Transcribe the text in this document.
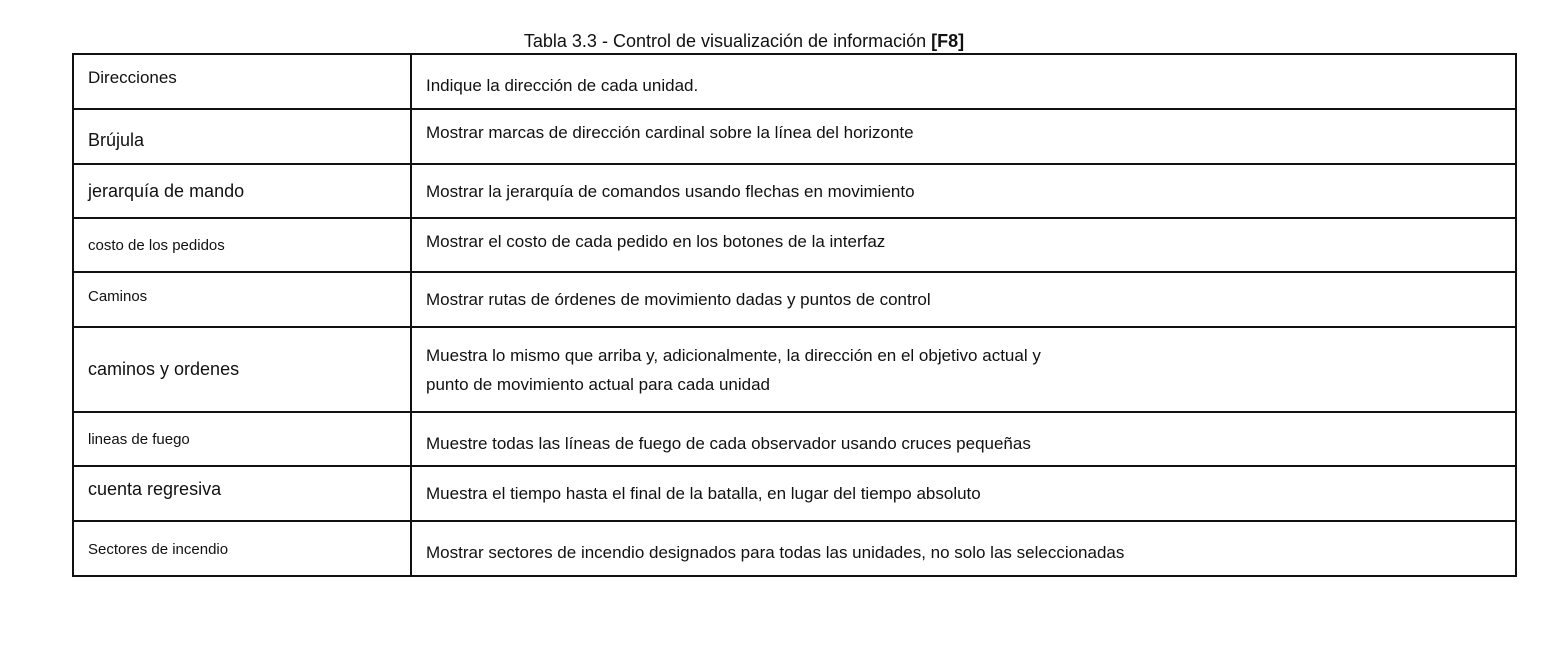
Tabla 3.3 - Control de visualización de información [F8]
Direcciones	Indique la dirección de cada unidad.
Brújula	Mostrar marcas de dirección cardinal sobre la línea del horizonte
jerarquía de mando	Mostrar la jerarquía de comandos usando flechas en movimiento
costo de los pedidos	Mostrar el costo de cada pedido en los botones de la interfaz
Caminos	Mostrar rutas de órdenes de movimiento dadas y puntos de control
caminos y ordenes	Muestra lo mismo que arriba y, adicionalmente, la dirección en el objetivo actual y
punto de movimiento actual para cada unidad

lineas de fuego	Muestre todas las líneas de fuego de cada observador usando cruces pequeñas
cuenta regresiva	Muestra el tiempo hasta el final de la batalla, en lugar del tiempo absoluto
Sectores de incendio	Mostrar sectores de incendio designados para todas las unidades, no solo las seleccionadas
